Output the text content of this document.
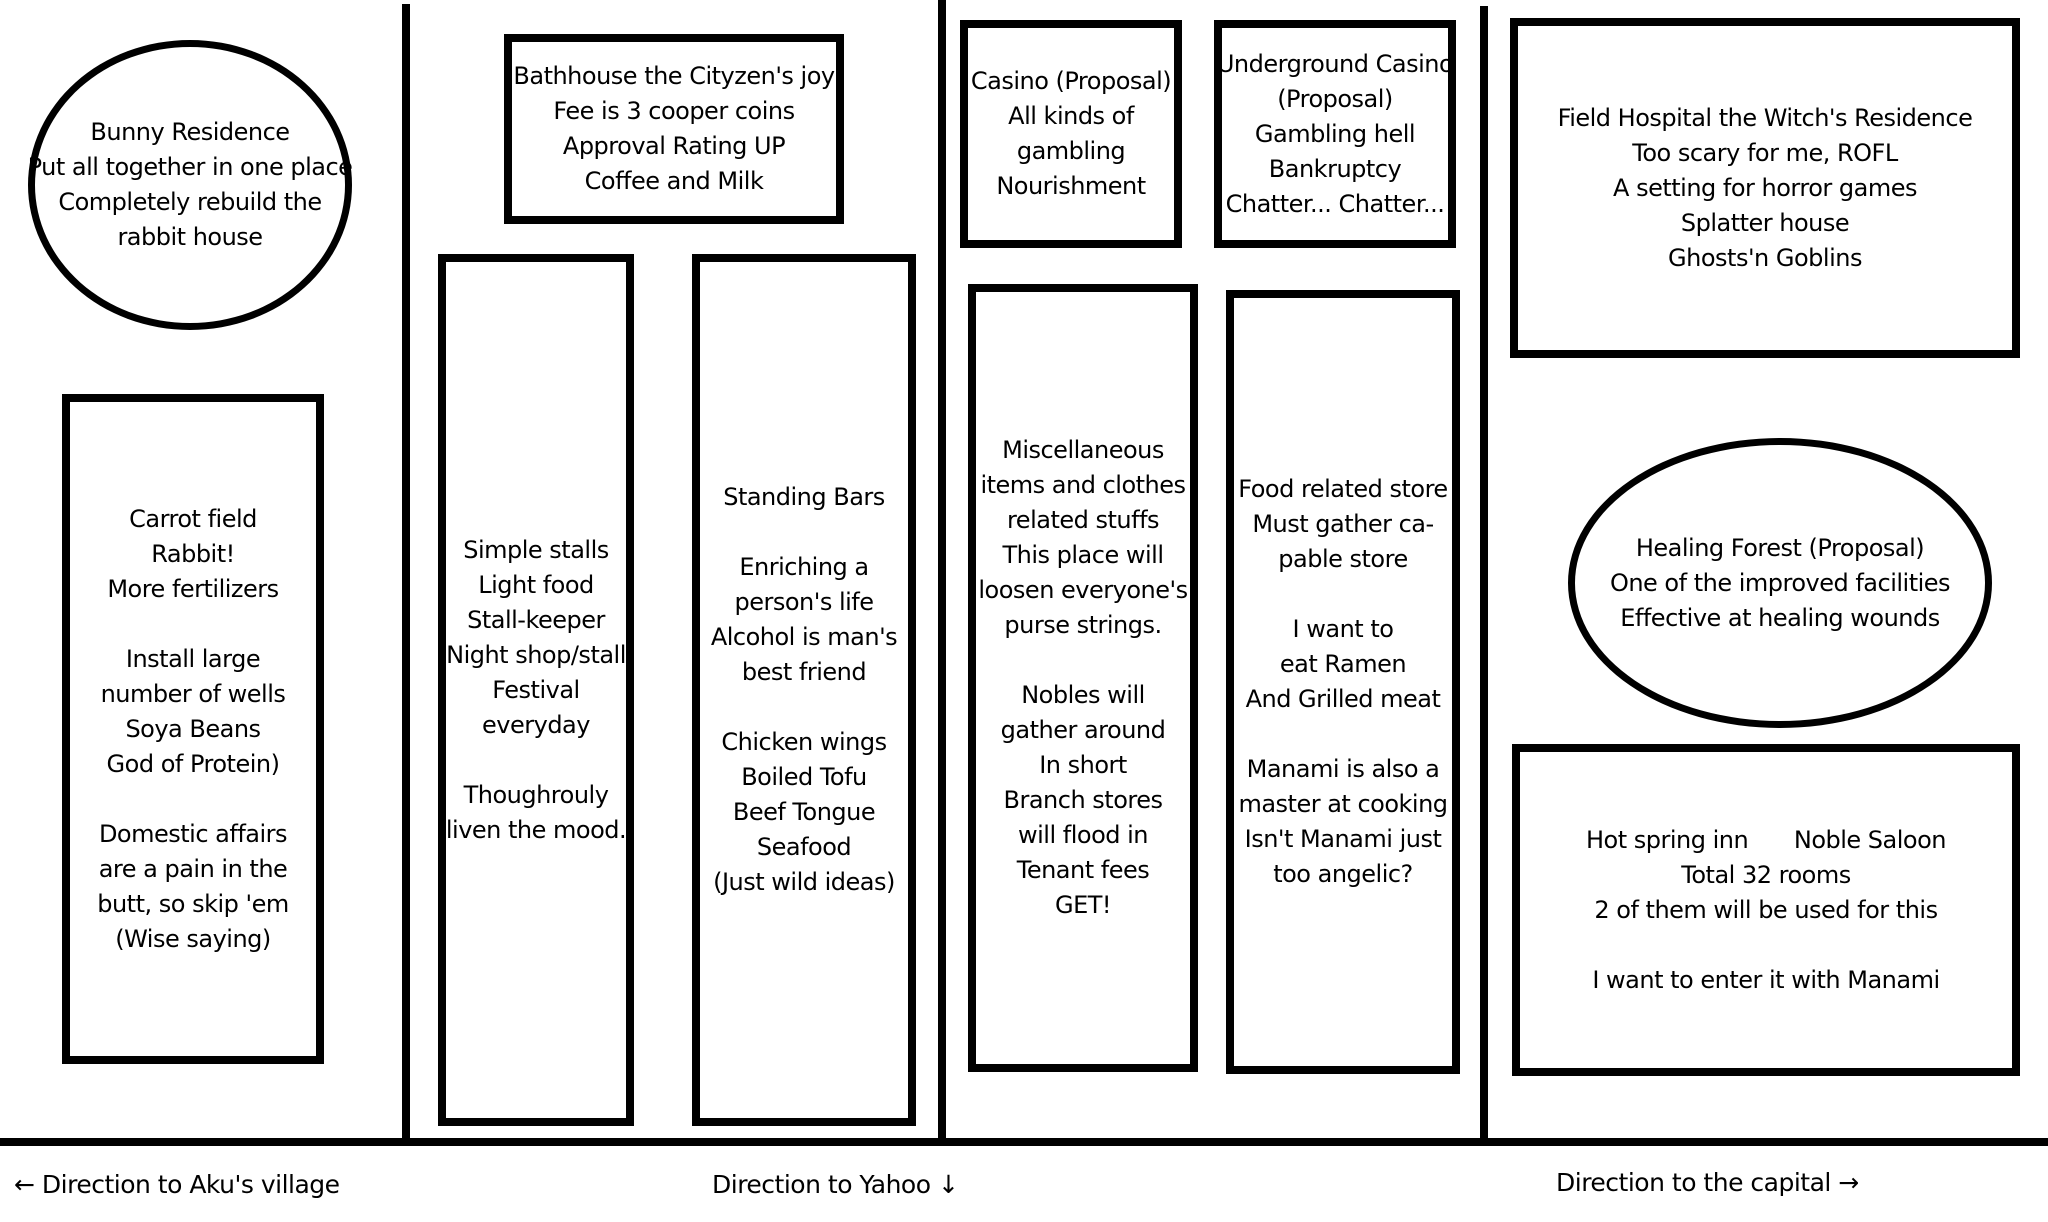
Bunny Residence
Put all together in one place
Completely rebuild the
rabbit house
Carrot field
Rabbit!
More fertilizers
Install large
number of wells
Soya Beans
God of Protein)
Domestic affairs
are a pain in the
butt, so skip 'em
(Wise saying)
Bathhouse the Cityzen's joy
Fee is 3 cooper coins
Approval Rating UP
Coffee and Milk
Simple stalls
Light food
Stall-keeper
Night shop/stall
Festival
everyday
Thoughrouly
liven the mood.
Standing Bars
Enriching a
person's life
Alcohol is man's
best friend
Chicken wings
Boiled Tofu
Beef Tongue
Seafood
(Just wild ideas)
Casino (Proposal)
All kinds of
gambling
Nourishment
Underground Casino
(Proposal)
Gambling hell
Bankruptcy
Chatter... Chatter...
Miscellaneous
items and clothes
related stuffs
This place will
loosen everyone's
purse strings.
Nobles will
gather around
In short
Branch stores
will flood in
Tenant fees
GET!
Food related store
Must gather ca-
pable store
I want to
eat Ramen
And Grilled meat
Manami is also a
master at cooking
Isn't Manami just
too angelic?
Field Hospital the Witch's Residence
Too scary for me, ROFL
A setting for horror games
Splatter house
Ghosts'n Goblins
Healing Forest (Proposal)
One of the improved facilities
Effective at healing wounds
Hot spring inn Noble Saloon
Total 32 rooms
2 of them will be used for this
I want to enter it with Manami
← Direction to Aku's village	Direction to Yahoo ↓	Direction to the capital →
